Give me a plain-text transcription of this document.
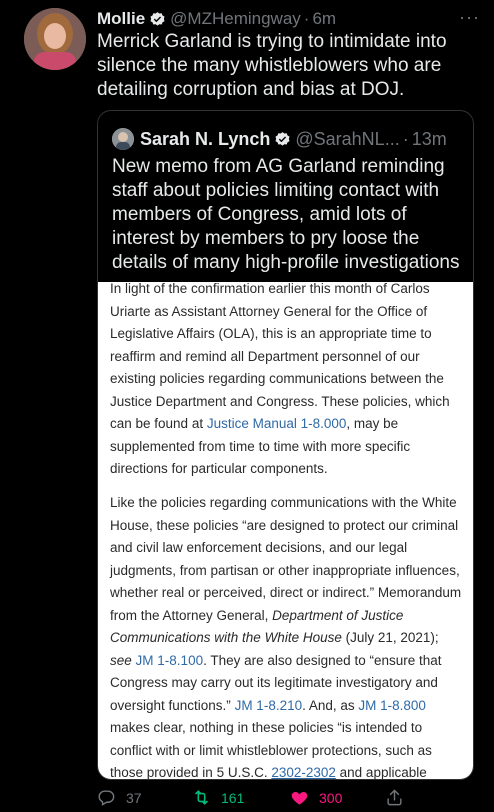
Mollie @MZHemingway · 6m	···
Merrick Garland is trying to intimidate into silence the many whistleblowers who are detailing corruption and bias at DOJ.
Sarah N. Lynch @SarahNL... · 13m
New memo from AG Garland reminding staff about policies limiting contact with members of Congress, amid lots of interest by members to pry loose the details of many high-profile investigations

In light of the confirmation earlier this month of Carlos Uriarte as Assistant Attorney General for the Office of Legislative Affairs (OLA), this is an appropriate time to reaffirm and remind all Department personnel of our existing policies regarding communications between the Justice Department and Congress. These policies, which can be found at Justice Manual 1-8.000, may be supplemented from time to time with more specific directions for particular components.

Like the policies regarding communications with the White House, these policies “are designed to protect our criminal and civil law enforcement decisions, and our legal judgments, from partisan or other inappropriate influences, whether real or perceived, direct or indirect.” Memorandum from the Attorney General, Department of Justice Communications with the White House (July 21, 2021); see JM 1-8.100. They are also designed to “ensure that Congress may carry out its legitimate investigatory and oversight functions.” JM 1-8.210. And, as JM 1-8.800 makes clear, nothing in these policies “is intended to conflict with or limit whistleblower protections, such as those provided in 5 U.S.C. 2302-2302 and applicable

37	161	300
